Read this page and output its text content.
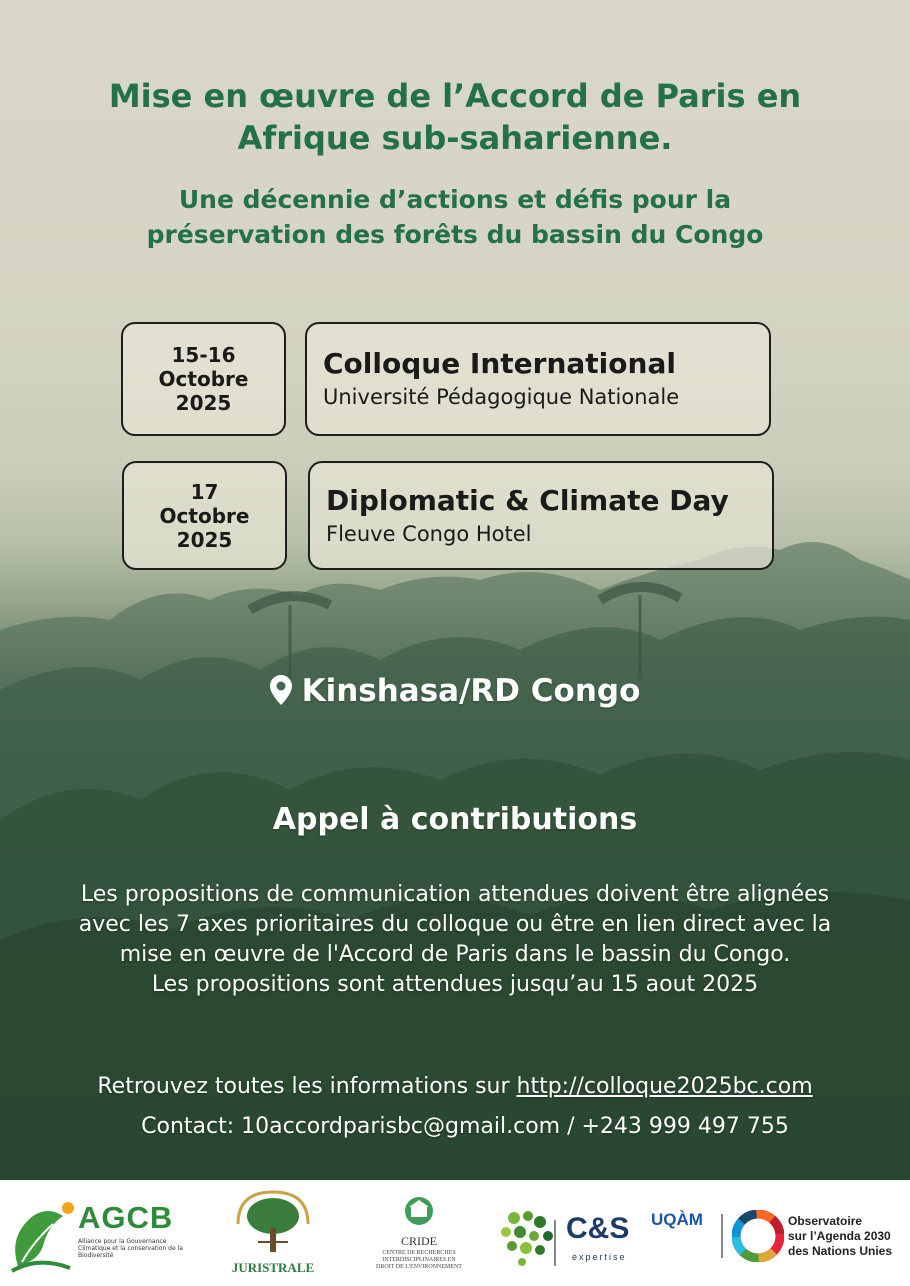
Mise en œuvre de l’Accord de Paris en
Afrique sub-saharienne.
Une décennie d’actions et défis pour la
préservation des forêts du bassin du Congo
15-16
Octobre
2025
Colloque International
Université Pédagogique Nationale
17
Octobre
2025
Diplomatic & Climate Day
Fleuve Congo Hotel
Kinshasa/RD Congo
Appel à contributions
Les propositions de communication attendues doivent être alignées
avec les 7 axes prioritaires du colloque ou être en lien direct avec la
mise en œuvre de l'Accord de Paris dans le bassin du Congo.
Les propositions sont attendues jusqu’au 15 aout 2025
Retrouvez toutes les informations sur http://colloque2025bc.com
Contact: 10accordparisbc@gmail.com / +243 999 497 755
AGCB
Alliance pour la Gouvernance Climatique et la conservation de la Biodiversité
JURISTRALE
CRIDE
CENTRE DE RECHERCHES INTERDISCIPLINAIRES EN DROIT DE L'ENVIRONNEMENT
C&S
expertise
UQÀM	Observatoire
sur l’Agenda 2030
des Nations Unies
